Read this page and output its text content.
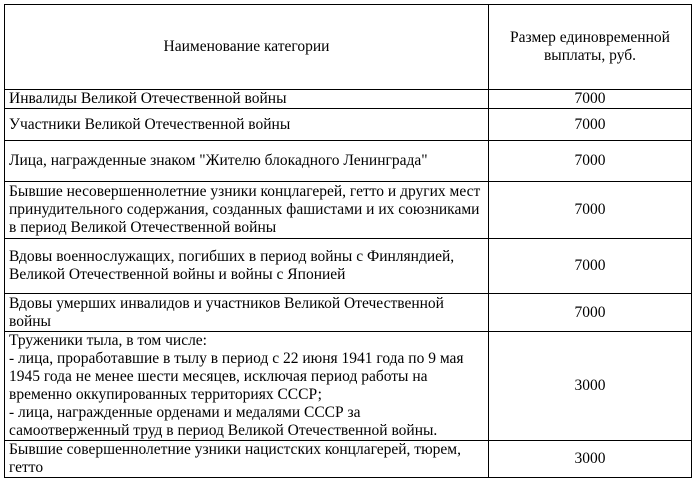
Наименование категории	Размер единовременной выплаты, руб.
Инвалиды Великой Отечественной войны	7000
Участники Великой Отечественной войны	7000
Лица, награжденные знаком "Жителю блокадного Ленинграда"	7000
Бывшие несовершеннолетние узники концлагерей, гетто и других мест принудительного содержания, созданных фашистами и их союзниками в период Великой Отечественной войны	7000
Вдовы военнослужащих, погибших в период войны с Финляндией, Великой Отечественной войны и войны с Японией	7000
Вдовы умерших инвалидов и участников Великой Отечественной войны	7000
Труженики тыла, в том числе:
- лица, проработавшие в тылу в период с 22 июня 1941 года по 9 мая 1945 года не менее шести месяцев, исключая период работы на временно оккупированных территориях СССР;
- лица, награжденные орденами и медалями СССР за самоотверженный труд в период Великой Отечественной войны.	3000
Бывшие совершеннолетние узники нацистских концлагерей, тюрем, гетто	3000
